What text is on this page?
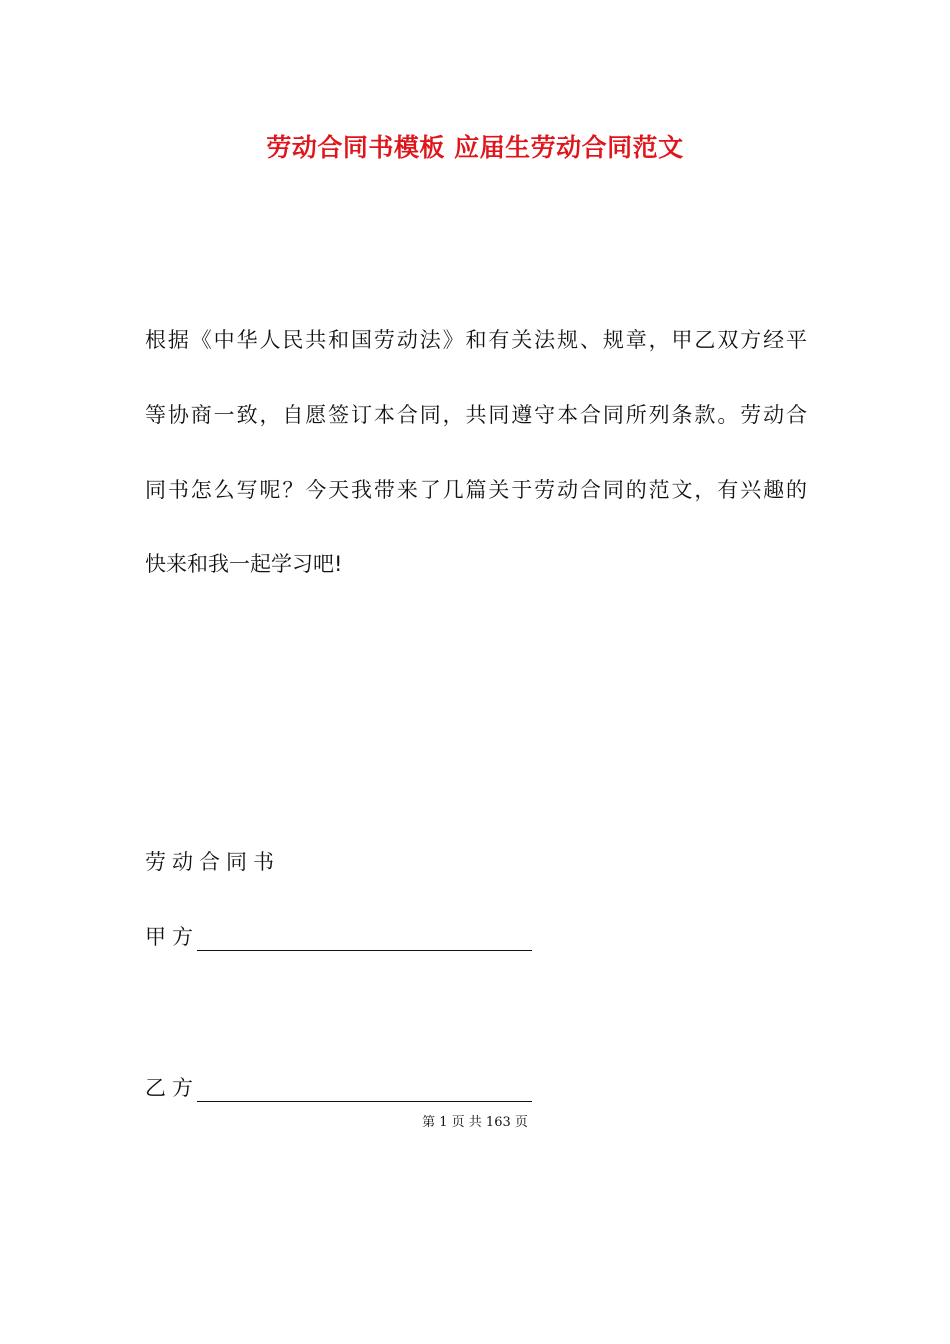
劳动合同书模板 应届生劳动合同范文
根据《中华人民共和国劳动法》和有关法规、规章，甲乙双方经平
等协商一致，自愿签订本合同，共同遵守本合同所列条款。劳动合
同书怎么写呢？今天我带来了几篇关于劳动合同的范文，有兴趣的
快来和我一起学习吧!
劳动合同书
甲方
乙方
第 1 页 共 163 页
